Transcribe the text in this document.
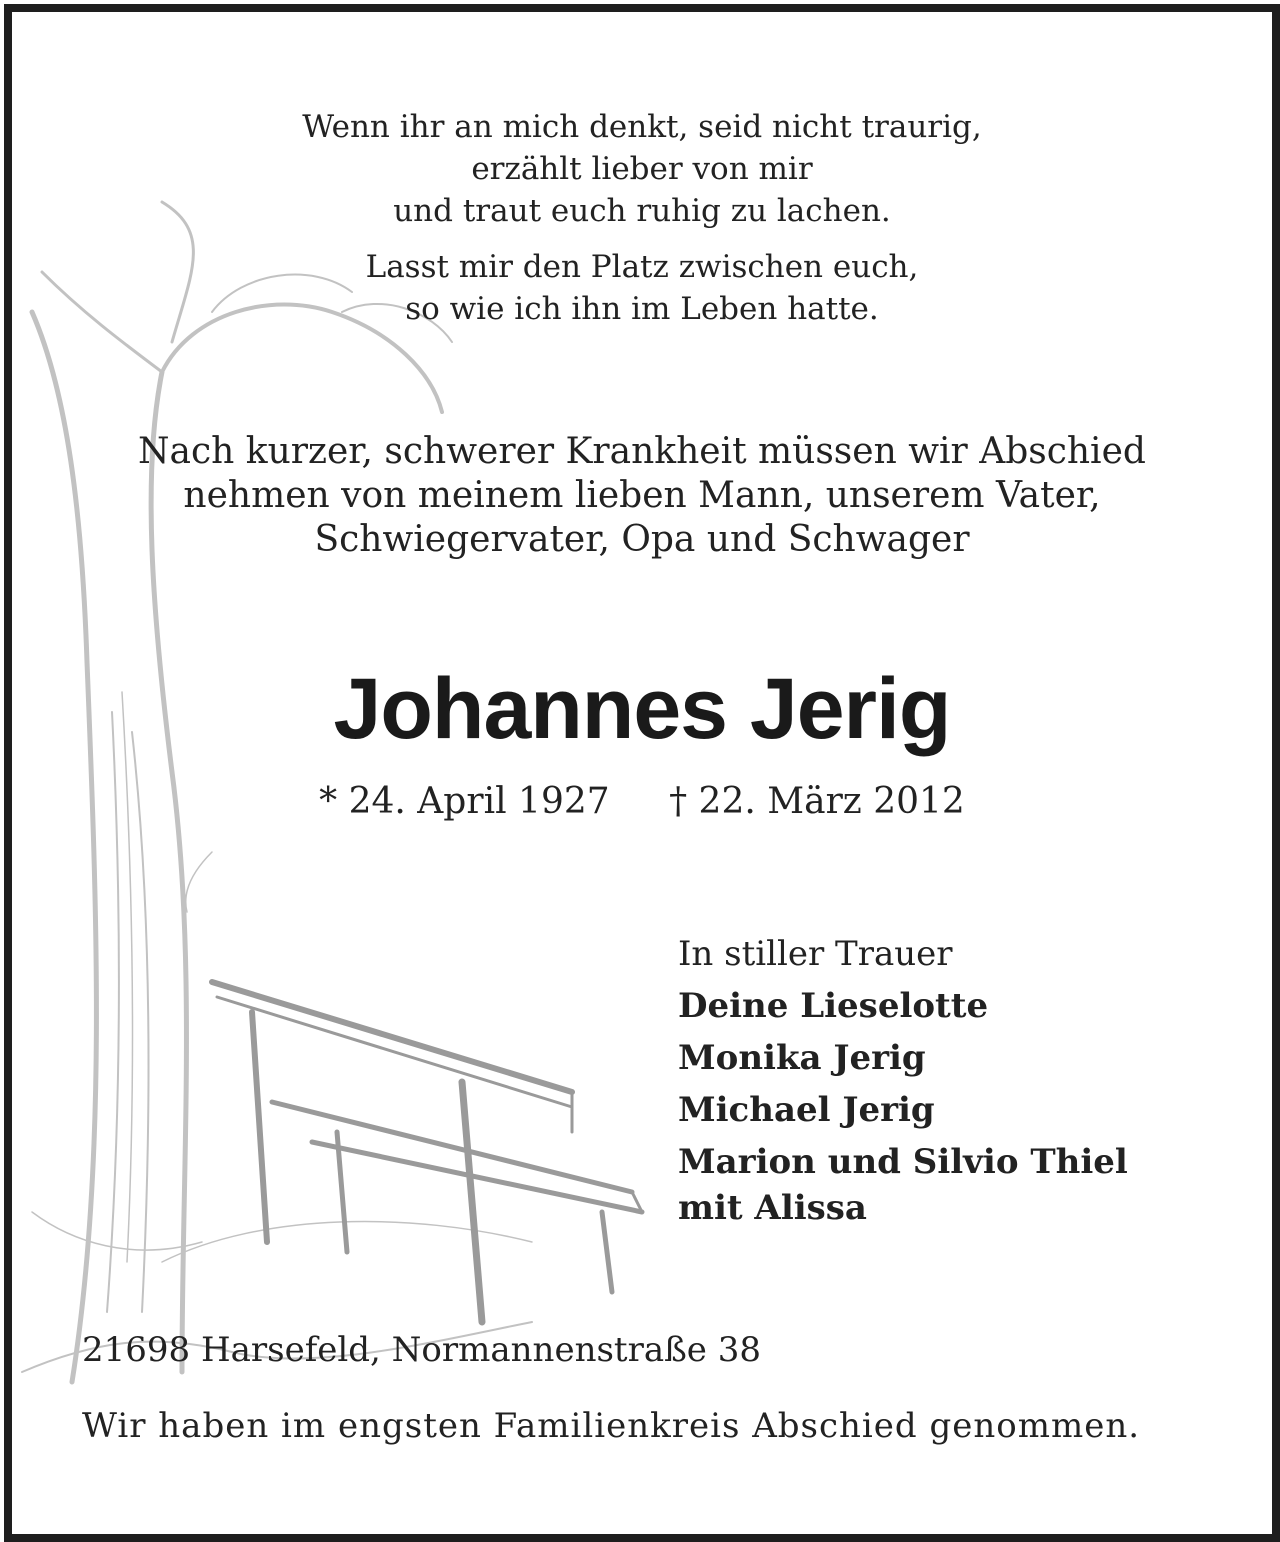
Wenn ihr an mich denkt, seid nicht traurig,
erzählt lieber von mir
und traut euch ruhig zu lachen.
Lasst mir den Platz zwischen euch,
so wie ich ihn im Leben hatte.
Nach kurzer, schwerer Krankheit müssen wir Abschied
nehmen von meinem lieben Mann, unserem Vater,
Schwiegervater, Opa und Schwager
Johannes Jerig
* 24. April 1927 † 22. März 2012
In stiller Trauer
Deine Lieselotte
Monika Jerig
Michael Jerig
Marion und Silvio Thiel
mit Alissa
21698 Harsefeld, Normannenstraße 38
Wir haben im engsten Familienkreis Abschied genommen.
